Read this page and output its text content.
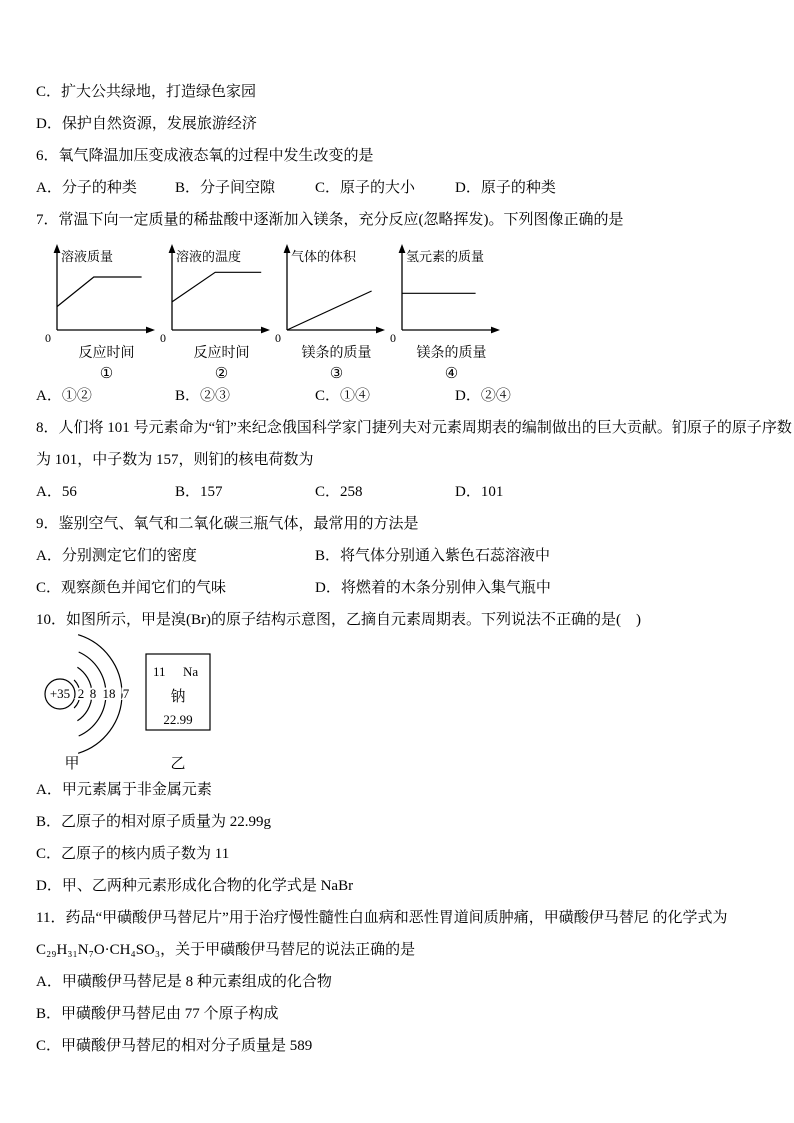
C．扩大公共绿地，打造绿色家园

D．保护自然资源，发展旅游经济

6．氧气降温加压变成液态氧的过程中发生改变的是

A．分子的种类	B．分子间空隙	C．原子的大小	D．原子的种类

7．常温下向一定质量的稀盐酸中逐渐加入镁条，充分反应(忽略挥发)。下列图像正确的是

溶液质量
0
反应时间
①
溶液的温度
0
反应时间
②
气体的体积
0
镁条的质量
③
氢元素的质量
0
镁条的质量
④
A．①②	B．②③	C．①④	D．②④

8．人们将 101 号元素命为“钔”来纪念俄国科学家门捷列夫对元素周期表的编制做出的巨大贡献。钔原子的原子序数

为 101，中子数为 157，则钔的核电荷数为

A．56	B．157	C．258	D．101

9．鉴别空气、氧气和二氧化碳三瓶气体，最常用的方法是

A．分别测定它们的密度	B．将气体分别通入紫色石蕊溶液中
C．观察颜色并闻它们的气味	D．将燃着的木条分别伸入集气瓶中

10．如图所示，甲是溴(Br)的原子结构示意图，乙摘自元素周期表。下列说法不正确的是(　)

+35 2 8 18 7
甲
11 Na
钠
22.99
乙

A．甲元素属于非金属元素

B．乙原子的相对原子质量为 22.99g

C．乙原子的核内质子数为 11

D．甲、乙两种元素形成化合物的化学式是 NaBr

11．药品“甲磺酸伊马替尼片”用于治疗慢性髓性白血病和恶性胃道间质肿痛，甲磺酸伊马替尼 的化学式为

C₂₉H₃₁N₇O·CH₄SO₃，关于甲磺酸伊马替尼的说法正确的是

A．甲磺酸伊马替尼是 8 种元素组成的化合物

B．甲磺酸伊马替尼由 77 个原子构成

C．甲磺酸伊马替尼的相对分子质量是 589
